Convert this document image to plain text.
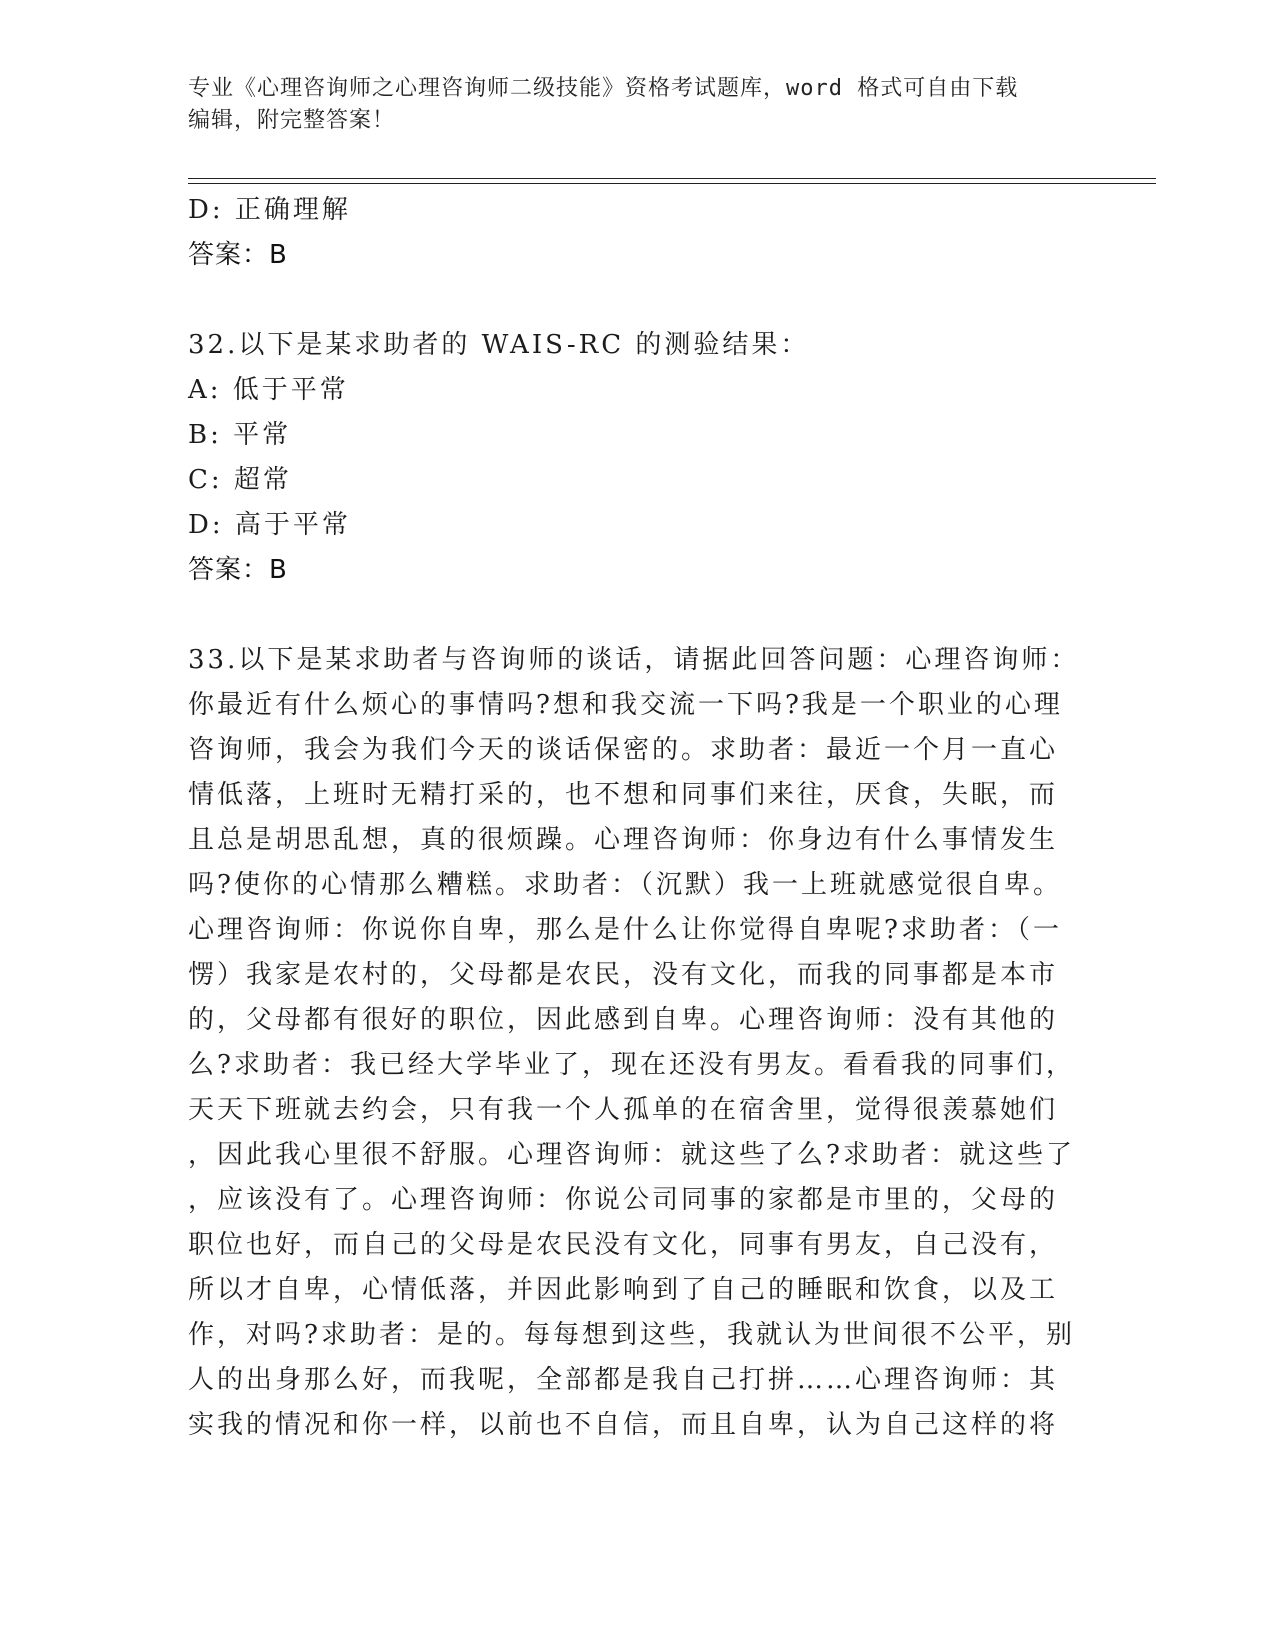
专业《心理咨询师之心理咨询师二级技能》资格考试题库，word 格式可自由下载
编辑，附完整答案！
D: 正确理解
答案：B
32.以下是某求助者的 WAIS-RC 的测验结果：
A: 低于平常
B: 平常
C: 超常
D: 高于平常
答案：B
33.以下是某求助者与咨询师的谈话，请据此回答问题：心理咨询师：
你最近有什么烦心的事情吗?想和我交流一下吗?我是一个职业的心理
咨询师，我会为我们今天的谈话保密的。求助者：最近一个月一直心
情低落，上班时无精打采的，也不想和同事们来往，厌食，失眠，而
且总是胡思乱想，真的很烦躁。心理咨询师：你身边有什么事情发生
吗?使你的心情那么糟糕。求助者：（沉默）我一上班就感觉很自卑。
心理咨询师：你说你自卑，那么是什么让你觉得自卑呢?求助者：（一
愣）我家是农村的，父母都是农民，没有文化，而我的同事都是本市
的，父母都有很好的职位，因此感到自卑。心理咨询师：没有其他的
么?求助者：我已经大学毕业了，现在还没有男友。看看我的同事们，
天天下班就去约会，只有我一个人孤单的在宿舍里，觉得很羡慕她们
，因此我心里很不舒服。心理咨询师：就这些了么?求助者：就这些了
，应该没有了。心理咨询师：你说公司同事的家都是市里的，父母的
职位也好，而自己的父母是农民没有文化，同事有男友，自己没有，
所以才自卑，心情低落，并因此影响到了自己的睡眠和饮食，以及工
作，对吗?求助者：是的。每每想到这些，我就认为世间很不公平，别
人的出身那么好，而我呢，全部都是我自己打拼……心理咨询师：其
实我的情况和你一样，以前也不自信，而且自卑，认为自己这样的将
